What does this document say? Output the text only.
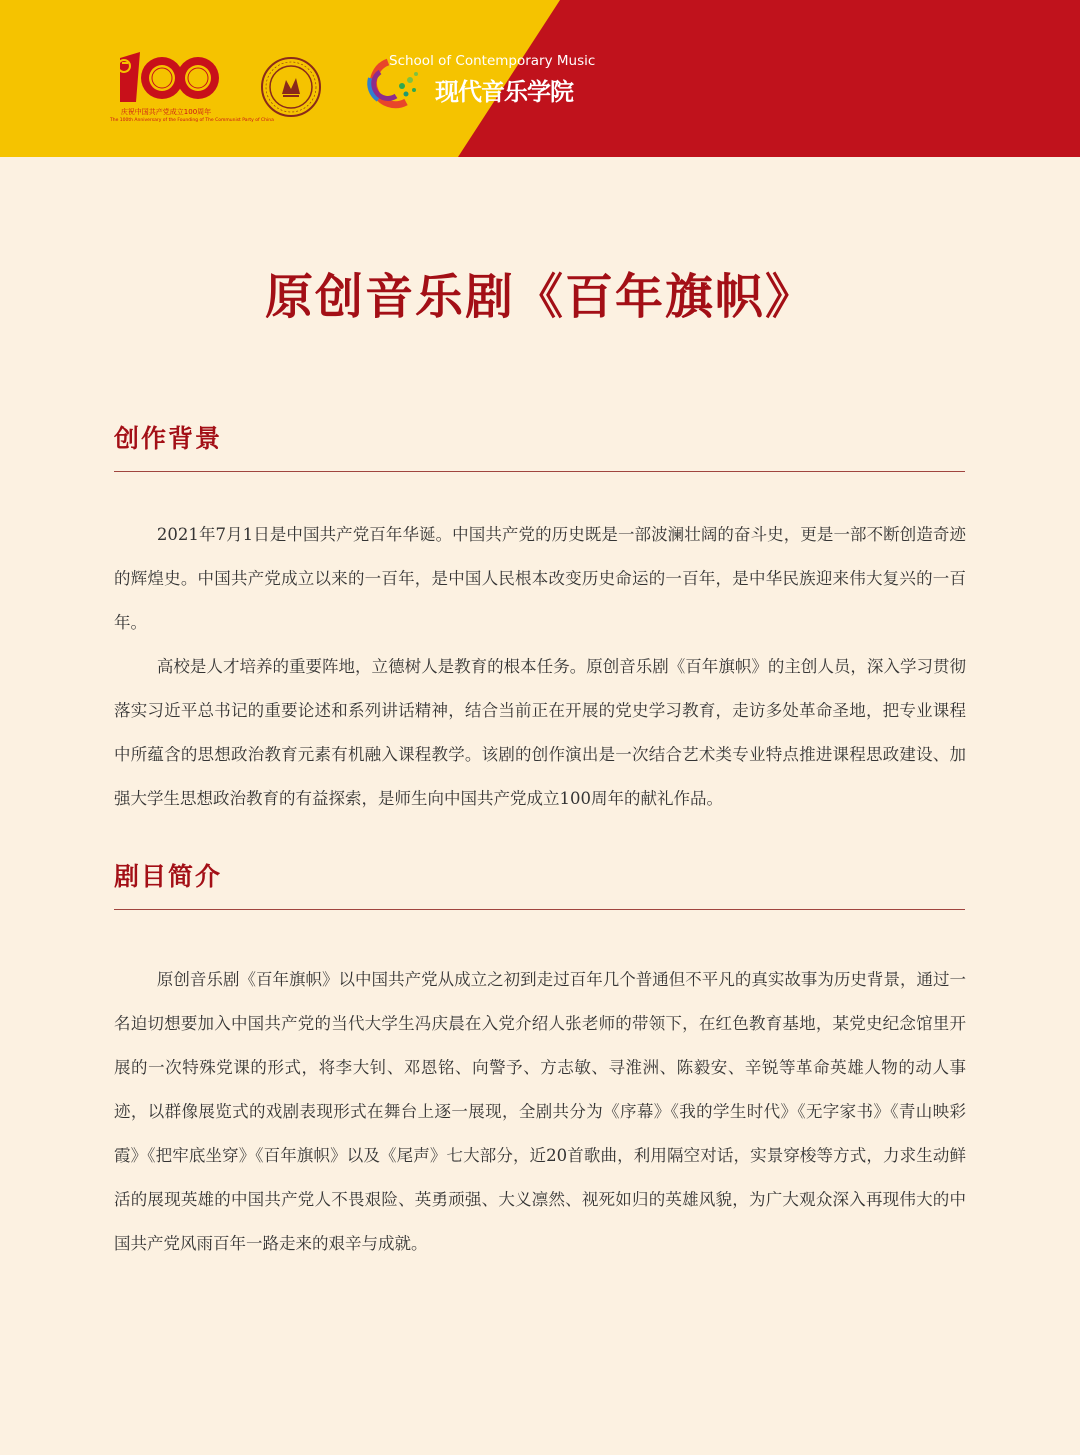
庆祝中国共产党成立100周年
The 100th Anniversary of the Founding of The Communist Party of China
School of Contemporary Music
现代音乐学院
原创音乐剧《百年旗帜》
创作背景

2021年7月1日是中国共产党百年华诞。中国共产党的历史既是一部波澜壮阔的奋斗史，更是一部不断创造奇迹的辉煌史。中国共产党成立以来的一百年，是中国人民根本改变历史命运的一百年，是中华民族迎来伟大复兴的一百年。

高校是人才培养的重要阵地，立德树人是教育的根本任务。原创音乐剧《百年旗帜》的主创人员，深入学习贯彻落实习近平总书记的重要论述和系列讲话精神，结合当前正在开展的党史学习教育，走访多处革命圣地，把专业课程中所蕴含的思想政治教育元素有机融入课程教学。该剧的创作演出是一次结合艺术类专业特点推进课程思政建设、加强大学生思想政治教育的有益探索，是师生向中国共产党成立100周年的献礼作品。

剧目简介

原创音乐剧《百年旗帜》以中国共产党从成立之初到走过百年几个普通但不平凡的真实故事为历史背景，通过一名迫切想要加入中国共产党的当代大学生冯庆晨在入党介绍人张老师的带领下，在红色教育基地，某党史纪念馆里开展的一次特殊党课的形式，将李大钊、邓恩铭、向警予、方志敏、寻淮洲、陈毅安、辛锐等革命英雄人物的动人事迹，以群像展览式的戏剧表现形式在舞台上逐一展现，全剧共分为《序幕》《我的学生时代》《无字家书》《青山映彩霞》《把牢底坐穿》《百年旗帜》以及《尾声》七大部分，近20首歌曲，利用隔空对话，实景穿梭等方式，力求生动鲜活的展现英雄的中国共产党人不畏艰险、英勇顽强、大义凛然、视死如归的英雄风貌，为广大观众深入再现伟大的中国共产党风雨百年一路走来的艰辛与成就。
